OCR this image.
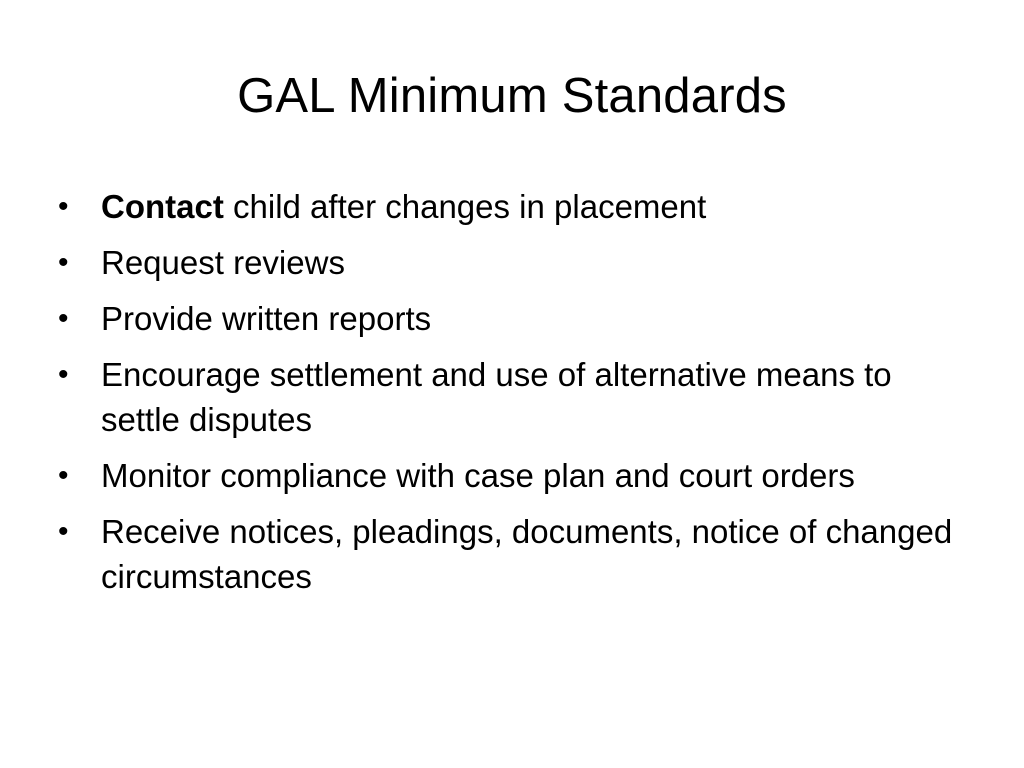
GAL Minimum Standards
• Contact child after changes in placement
• Request reviews
• Provide written reports
• Encourage settlement and use of alternative means to settle disputes
• Monitor compliance with case plan and court orders
• Receive notices, pleadings, documents, notice of changed circumstances
